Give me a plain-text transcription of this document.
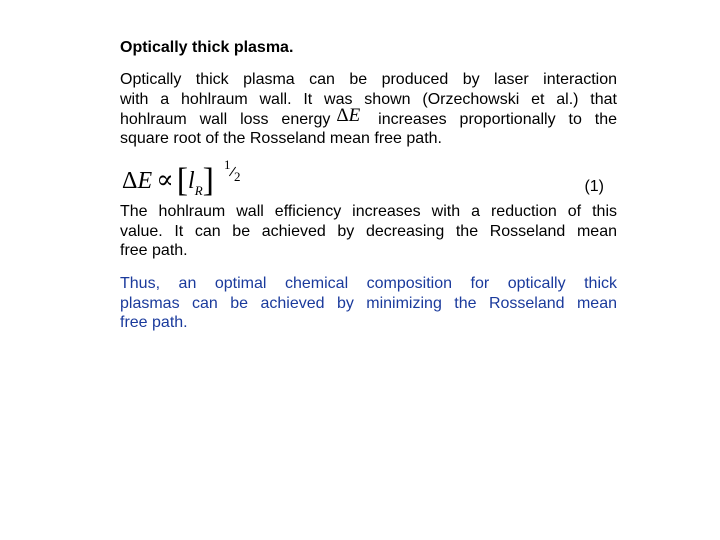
Optically thick plasma.
Optically thick plasma can be produced by laser interaction
with a hohlraum wall. It was shown (Orzechowski et al.) that
hohlraum wall loss energy ΔE increases proportionally to the
square root of the Rosseland mean free path.
$\Delta E \propto[l_R]$ 1
2
(1)
The hohlraum wall efficiency increases with a reduction of this
value. It can be achieved by decreasing the Rosseland mean
free path.
Thus, an optimal chemical composition for optically thick
plasmas can be achieved by minimizing the Rosseland mean
free path.
